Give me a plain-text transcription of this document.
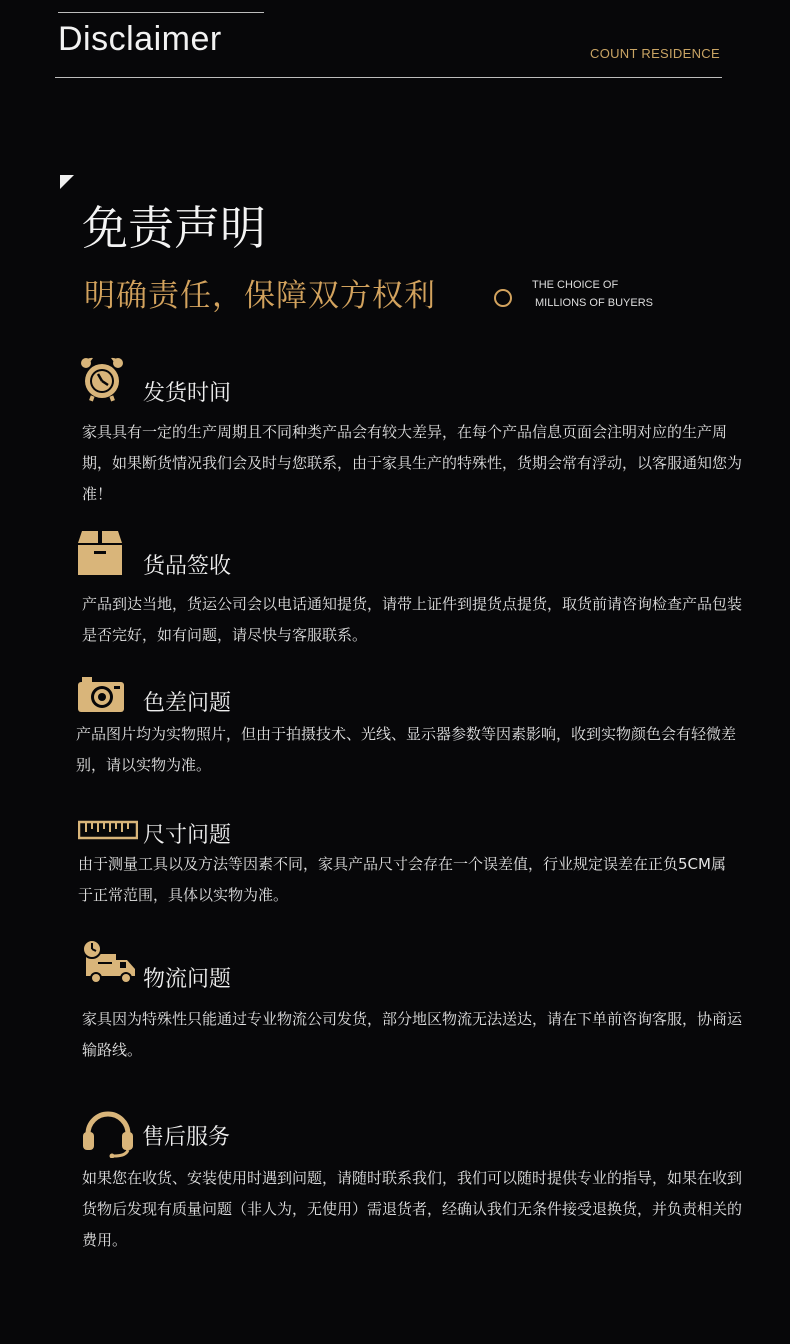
Disclaimer	COUNT RESIDENCE
免责声明
明确责任，保障双方权利	THE CHOICE OF
MILLIONS OF BUYERS
发货时间
家具具有一定的生产周期且不同种类产品会有较大差异，在每个产品信息页面会注明对应的生产周期，如果断货情况我们会及时与您联系，由于家具生产的特殊性，货期会常有浮动，以客服通知您为准！
货品签收
产品到达当地，货运公司会以电话通知提货，请带上证件到提货点提货，取货前请咨询检查产品包装是否完好，如有问题，请尽快与客服联系。
色差问题
产品图片均为实物照片，但由于拍摄技术、光线、显示器参数等因素影响，收到实物颜色会有轻微差别，请以实物为准。
尺寸问题
由于测量工具以及方法等因素不同，家具产品尺寸会存在一个误差值，行业规定误差在正负5CM属于正常范围，具体以实物为准。
物流问题
家具因为特殊性只能通过专业物流公司发货，部分地区物流无法送达，请在下单前咨询客服，协商运输路线。
售后服务
如果您在收货、安装使用时遇到问题，请随时联系我们，我们可以随时提供专业的指导，如果在收到货物后发现有质量问题（非人为，无使用）需退货者，经确认我们无条件接受退换货，并负责相关的费用。
